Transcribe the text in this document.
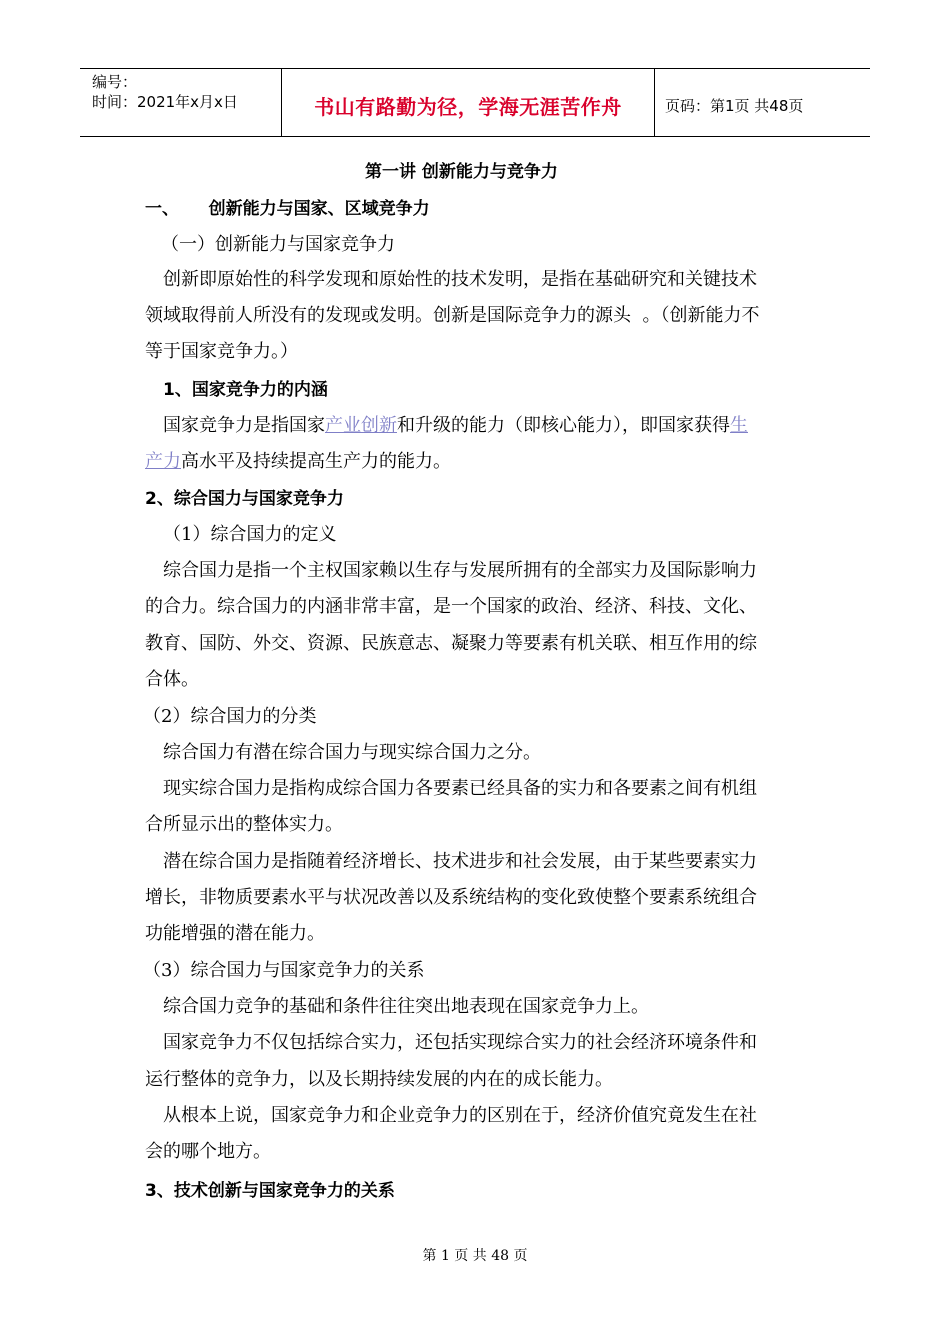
编号：
时间：2021年x月x日	书山有路勤为径，学海无涯苦作舟	页码：第1页 共48页
第一讲 创新能力与竞争力
一、     创新能力与国家、区域竞争力
（一）创新能力与国家竞争力
创新即原始性的科学发现和原始性的技术发明，是指在基础研究和关键技术
领域取得前人所没有的发现或发明。创新是国际竞争力的源头  。（创新能力不
等于国家竞争力。）
1、国家竞争力的内涵
国家竞争力是指国家产业创新和升级的能力（即核心能力），即国家获得生
产力高水平及持续提高生产力的能力。
2、综合国力与国家竞争力
（1）综合国力的定义
综合国力是指一个主权国家赖以生存与发展所拥有的全部实力及国际影响力
的合力。综合国力的内涵非常丰富，是一个国家的政治、经济、科技、文化、
教育、国防、外交、资源、民族意志、凝聚力等要素有机关联、相互作用的综
合体。
（2）综合国力的分类
综合国力有潜在综合国力与现实综合国力之分。
现实综合国力是指构成综合国力各要素已经具备的实力和各要素之间有机组
合所显示出的整体实力。
潜在综合国力是指随着经济增长、技术进步和社会发展，由于某些要素实力
增长，非物质要素水平与状况改善以及系统结构的变化致使整个要素系统组合
功能增强的潜在能力。
（3）综合国力与国家竞争力的关系
综合国力竞争的基础和条件往往突出地表现在国家竞争力上。
国家竞争力不仅包括综合实力，还包括实现综合实力的社会经济环境条件和
运行整体的竞争力，以及长期持续发展的内在的成长能力。
从根本上说，国家竞争力和企业竞争力的区别在于，经济价值究竟发生在社
会的哪个地方。
3、技术创新与国家竞争力的关系
第 1 页 共 48 页
